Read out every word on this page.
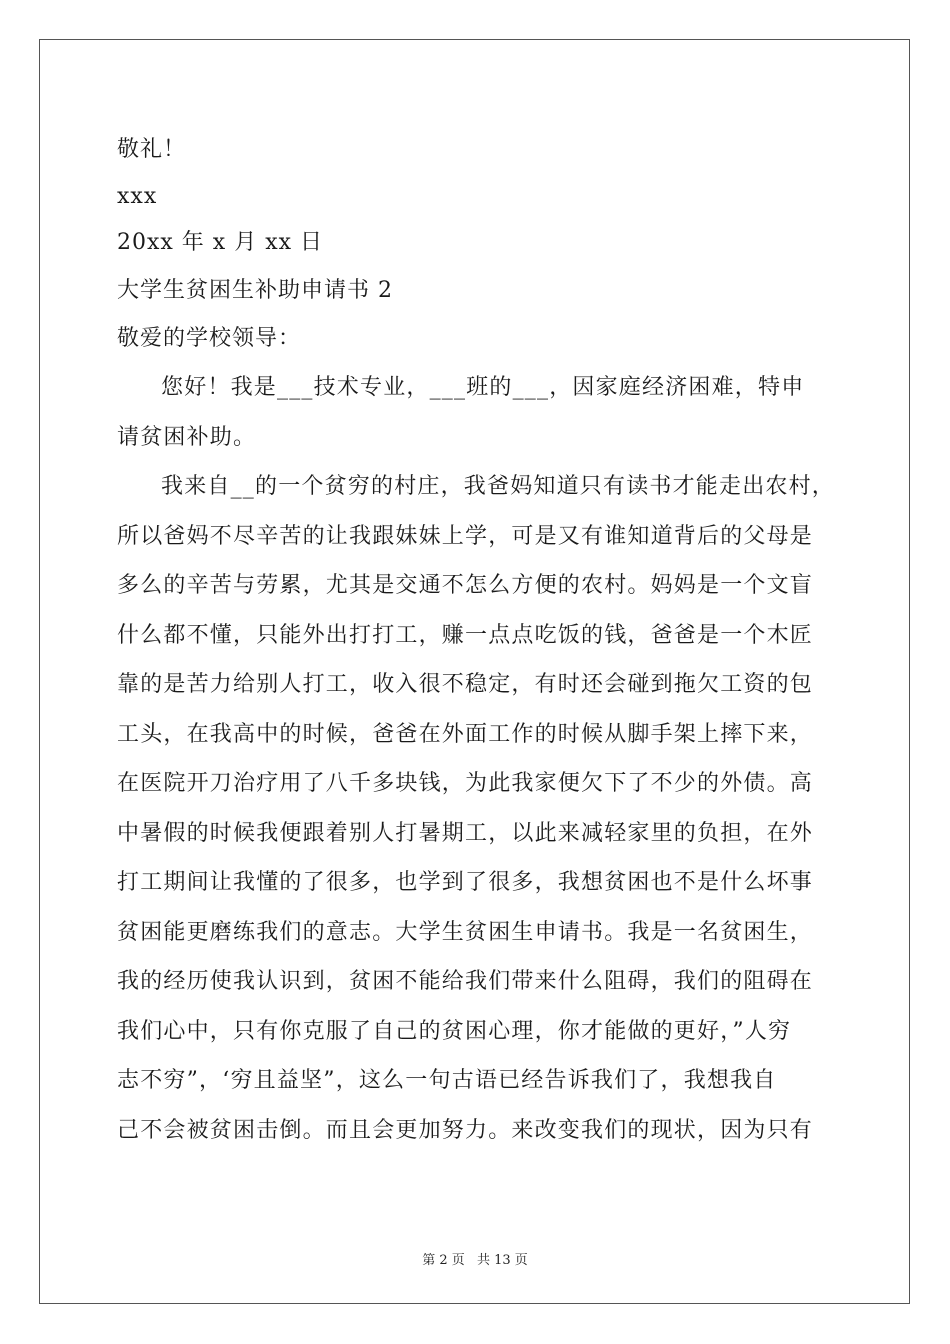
敬礼！
xxx
20xx 年 x 月 xx 日
大学生贫困生补助申请书 2
敬爱的学校领导：
您好！我是___技术专业，___班的___，因家庭经济困难，特申
请贫困补助。
我来自__的一个贫穷的村庄，我爸妈知道只有读书才能走出农村，
所以爸妈不尽辛苦的让我跟妹妹上学，可是又有谁知道背后的父母是
多么的辛苦与劳累，尤其是交通不怎么方便的农村。妈妈是一个文盲
什么都不懂，只能外出打打工，赚一点点吃饭的钱，爸爸是一个木匠
靠的是苦力给别人打工，收入很不稳定，有时还会碰到拖欠工资的包
工头，在我高中的时候，爸爸在外面工作的时候从脚手架上摔下来，
在医院开刀治疗用了八千多块钱，为此我家便欠下了不少的外债。高
中暑假的时候我便跟着别人打暑期工，以此来减轻家里的负担，在外
打工期间让我懂的了很多，也学到了很多，我想贫困也不是什么坏事
贫困能更磨练我们的意志。大学生贫困生申请书。我是一名贫困生，
我的经历使我认识到，贫困不能给我们带来什么阻碍，我们的阻碍在
我们心中，只有你克服了自己的贫困心理，你才能做的更好，”人穷
志不穷”，‘穷且益坚”，这么一句古语已经告诉我们了，我想我自
己不会被贫困击倒。而且会更加努力。来改变我们的现状，因为只有
第 2 页 共 13 页
